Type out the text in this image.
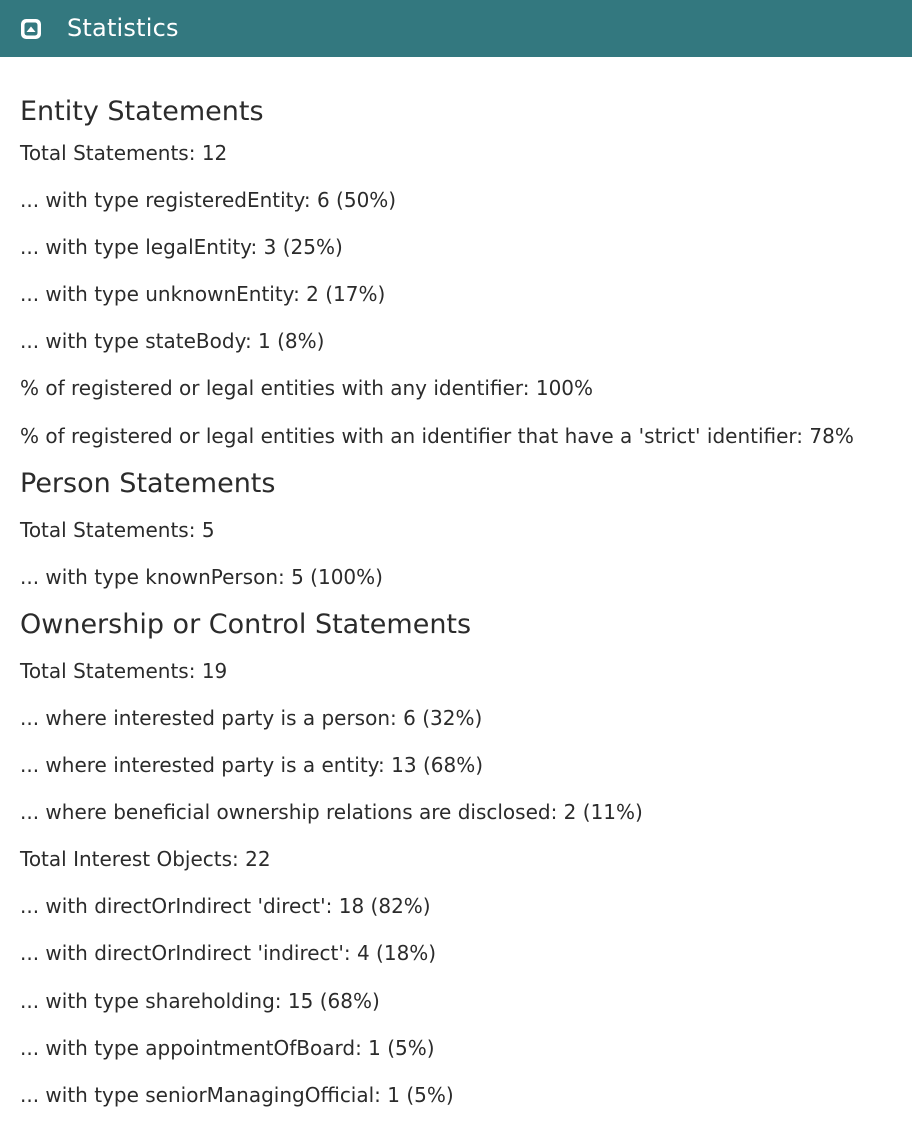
Statistics
Entity Statements

Total Statements: 12

... with type registeredEntity: 6 (50%)

... with type legalEntity: 3 (25%)

... with type unknownEntity: 2 (17%)

... with type stateBody: 1 (8%)

% of registered or legal entities with any identifier: 100%

% of registered or legal entities with an identifier that have a 'strict' identifier: 78%

Person Statements

Total Statements: 5

... with type knownPerson: 5 (100%)

Ownership or Control Statements

Total Statements: 19

... where interested party is a person: 6 (32%)

... where interested party is a entity: 13 (68%)

... where beneficial ownership relations are disclosed: 2 (11%)

Total Interest Objects: 22

... with directOrIndirect 'direct': 18 (82%)

... with directOrIndirect 'indirect': 4 (18%)

... with type shareholding: 15 (68%)

... with type appointmentOfBoard: 1 (5%)

... with type seniorManagingOfficial: 1 (5%)
